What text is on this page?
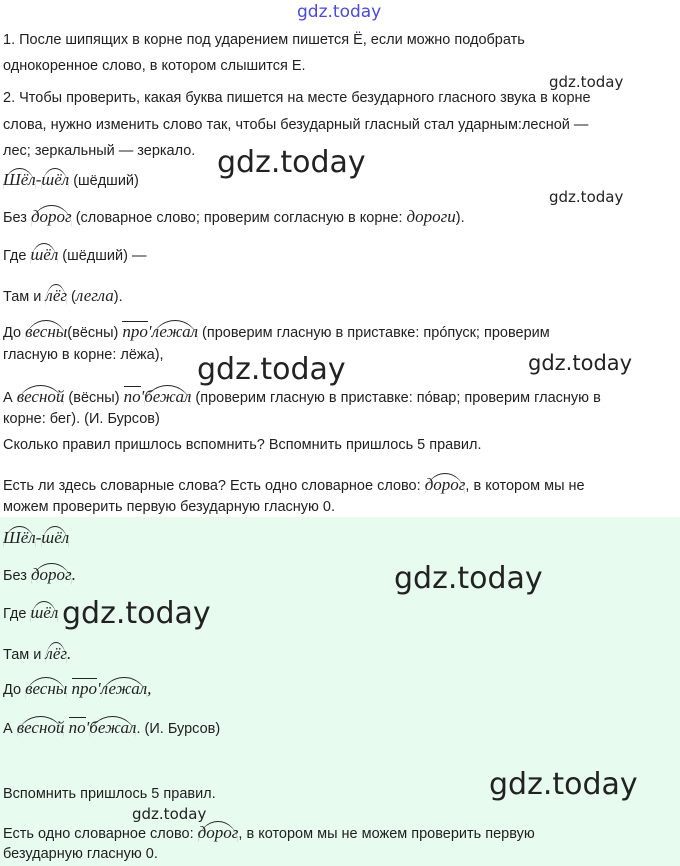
gdz.today
1. После шипящих в корне под ударением пишется Ё, если можно подобрать
однокоренное слово, в котором слышится Е.
2. Чтобы проверить, какая буква пишется на месте безударного гласного звука в корне
слова, нужно изменить слово так, чтобы безударный гласный стал ударным:лесной —
лес; зеркальный — зеркало.
Шёл-шёл (шёдший)
Без дорог (словарное слово; проверим согласную в корне: дороги).
Где шёл (шёдший) —
Там и лёг (легла).
До весны(вёсны) про'лежал (проверим гласную в приставке: прóпуск; проверим
гласную в корне: лёжа),
А весной (вёсны) по'бежал (проверим гласную в приставке: пóвар; проверим гласную в
корне: бег). (И. Бурсов)
Сколько правил пришлось вспомнить? Вспомнить пришлось 5 правил.
Есть ли здесь словарные слова? Есть одно словарное слово: дорог, в котором мы не
можем проверить первую безударную гласную 0.
Шёл-шёл
Без дорог.
Где шёл
Там и лёг.
До весны про'лежал,
А весной по'бежал. (И. Бурсов)
Вспомнить пришлось 5 правил.
Есть одно словарное слово: дорог, в котором мы не можем проверить первую
безударную гласную 0.
gdz.today
gdz.today
gdz.today
gdz.today
gdz.today
gdz.today
gdz.today
gdz.today
gdz.today
